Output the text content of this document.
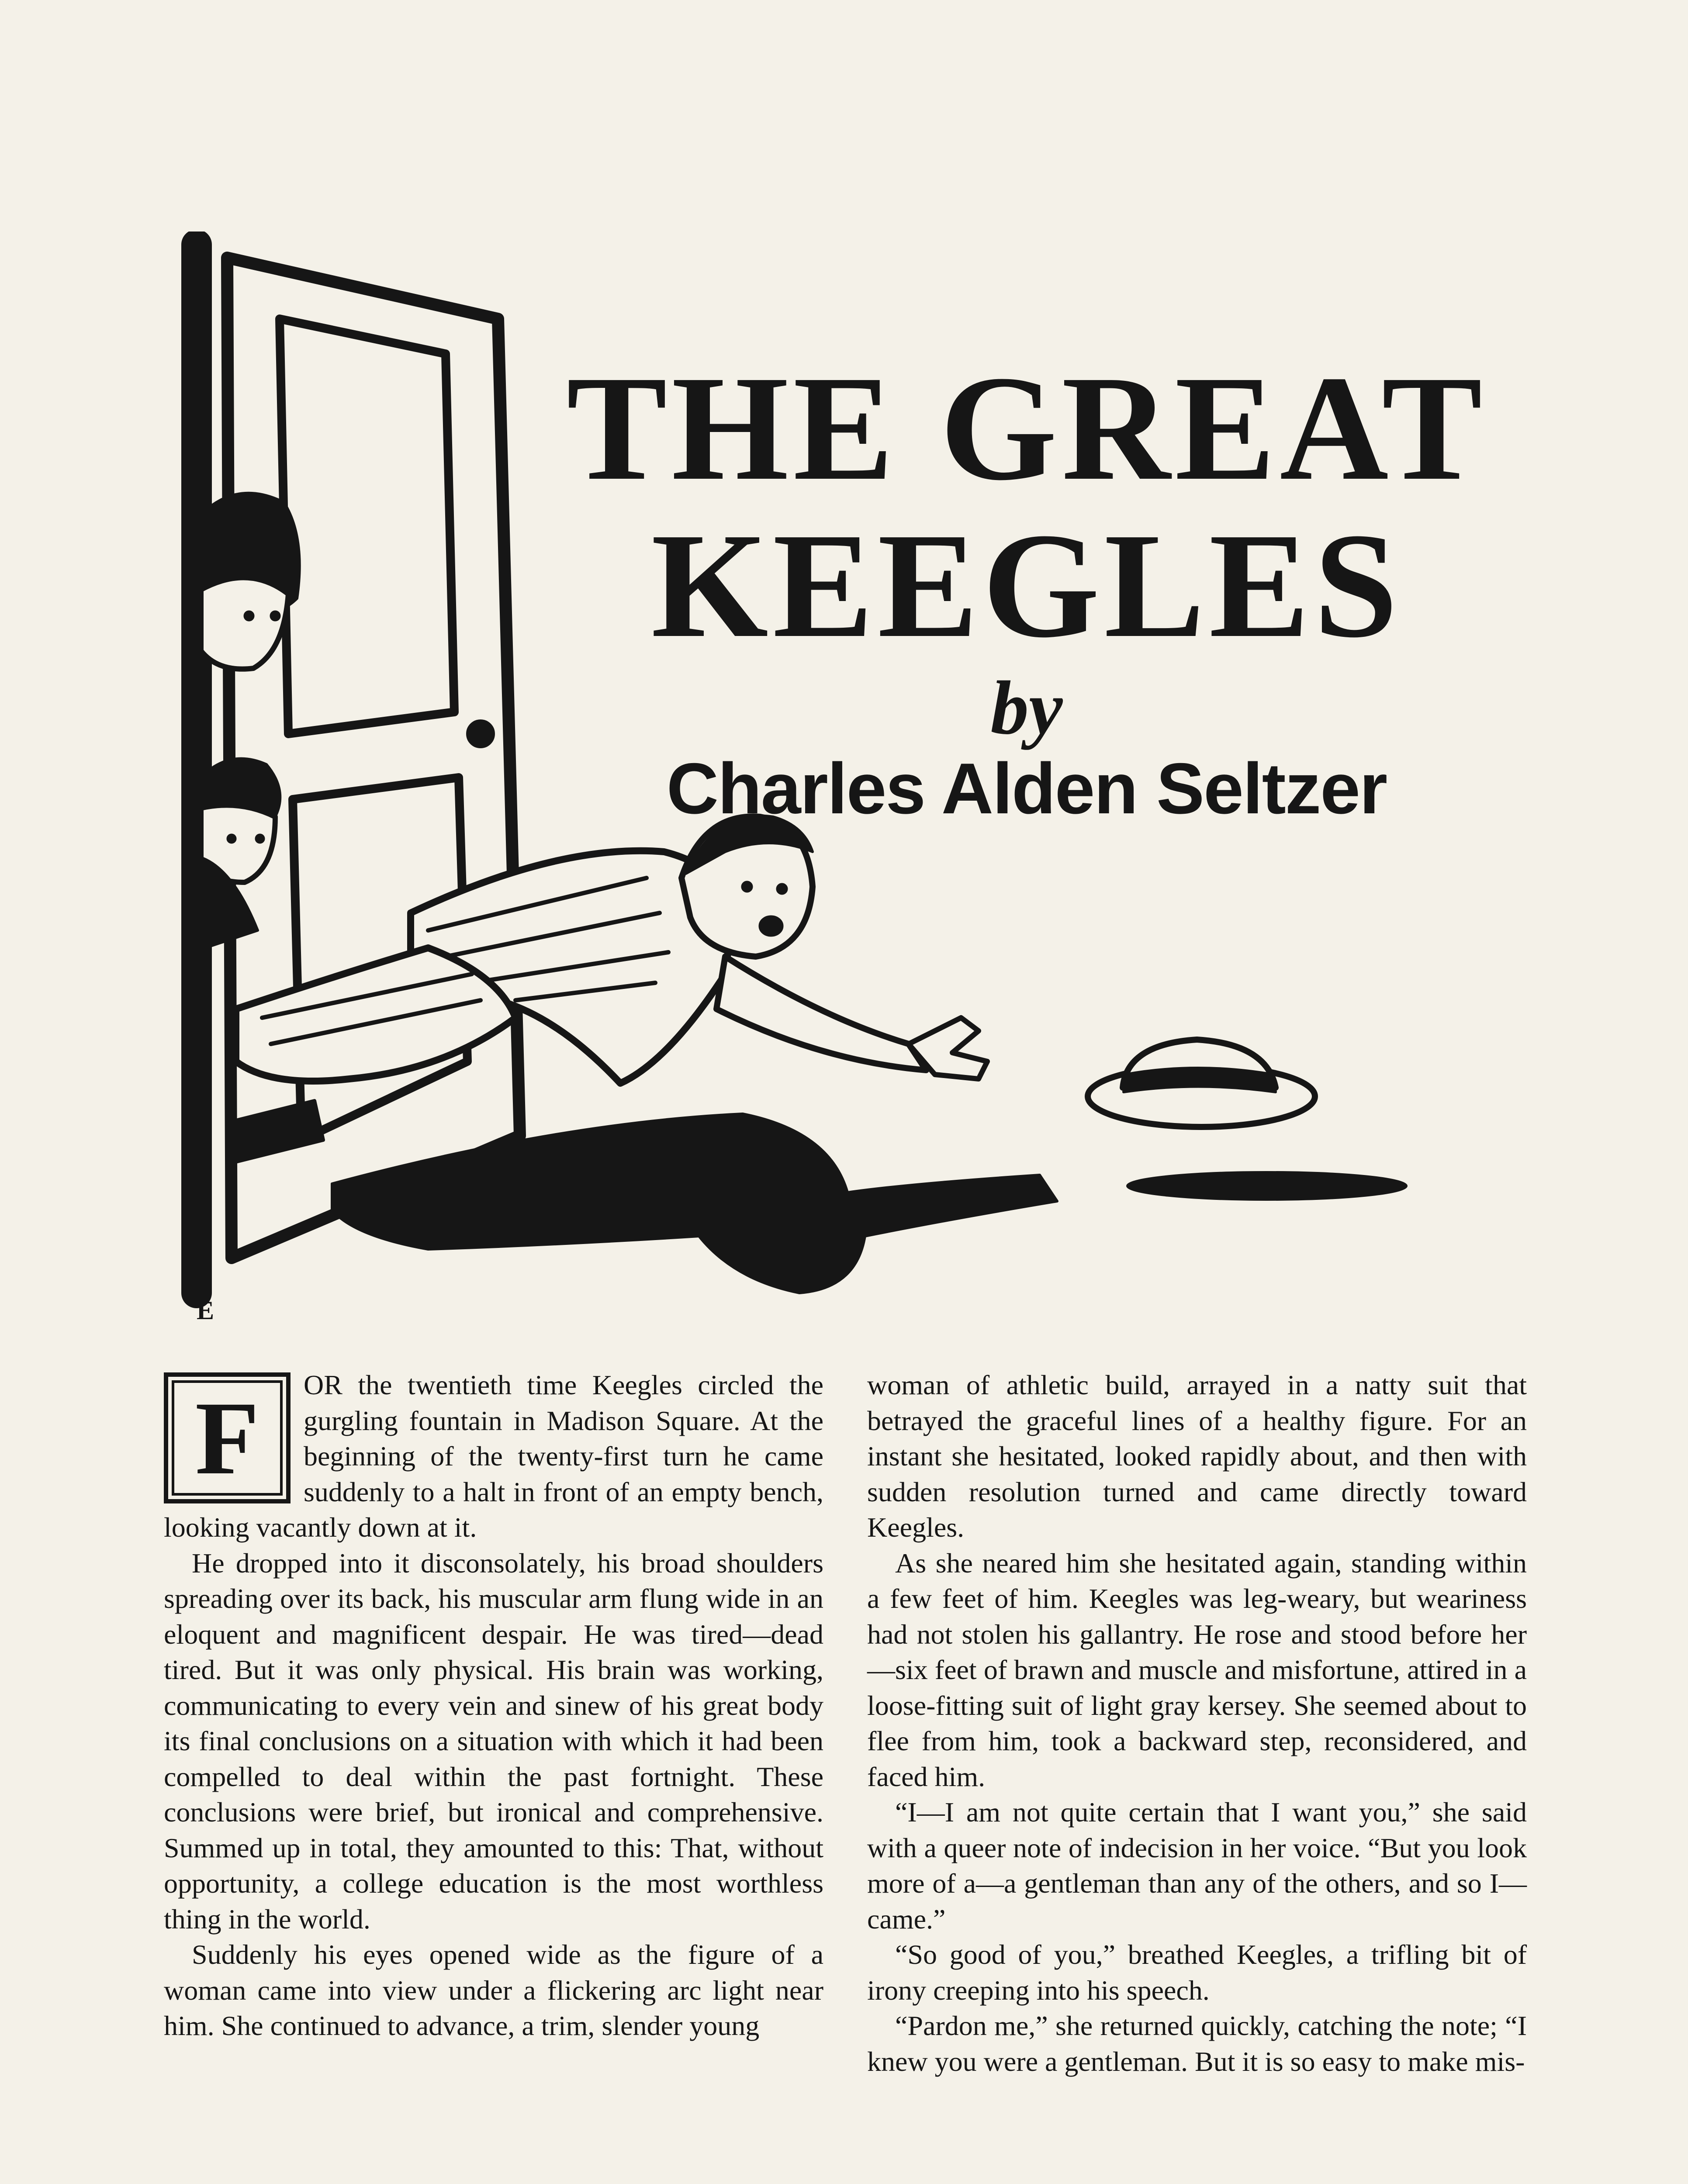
E
THE GREAT
KEEGLES
by
Charles Alden Seltzer

F	OR the twentieth time Keegles circled the gurgling fountain in Madison Square. At the beginning of the twenty-first turn he came suddenly to a halt in front of an empty bench, looking vacantly down at it.

He dropped into it disconsolately, his broad shoulders spreading over its back, his muscular arm flung wide in an eloquent and magnificent despair. He was tired—dead tired. But it was only physical. His brain was working, communicating to every vein and sinew of his great body its final conclusions on a situation with which it had been compelled to deal within the past fortnight. These conclusions were brief, but ironical and comprehensive. Summed up in total, they amounted to this: That, without opportunity, a college education is the most worthless thing in the world.

Suddenly his eyes opened wide as the figure of a woman came into view under a flickering arc light near him. She continued to advance, a trim, slender young

woman of athletic build, arrayed in a natty suit that betrayed the graceful lines of a healthy figure. For an instant she hesitated, looked rapidly about, and then with sudden resolution turned and came directly toward Keegles.

As she neared him she hesitated again, standing within a few feet of him. Keegles was leg-weary, but weariness had not stolen his gallantry. He rose and stood before her—six feet of brawn and muscle and misfortune, attired in a loose-fitting suit of light gray kersey. She seemed about to flee from him, took a backward step, reconsidered, and faced him.

“I—I am not quite certain that I want you,” she said with a queer note of indecision in her voice. “But you look more of a—a gentleman than any of the others, and so I—came.”

“So good of you,” breathed Keegles, a trifling bit of irony creeping into his speech.

“Pardon me,” she returned quickly, catching the note; “I knew you were a gentleman. But it is so easy to make mis-
